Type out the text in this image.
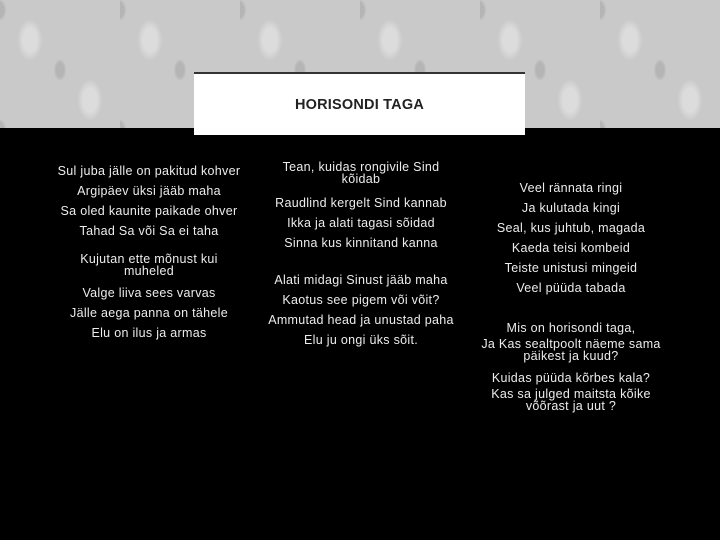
HORISONDI TAGA
Sul juba jälle on pakitud kohver
Argipäev üksi jääb maha
Sa oled kaunite paikade ohver
Tahad Sa või Sa ei taha
Kujutan ette mõnust kui muheled
Valge liiva sees varvas
Jälle aega panna on tähele
Elu on ilus ja armas
Tean, kuidas rongivile Sind kõidab
Raudlind kergelt Sind kannab
Ikka ja alati tagasi sõidad
Sinna kus kinnitand kanna
Alati midagi Sinust jääb maha
Kaotus see pigem või võit?
Ammutad head ja unustad paha
Elu ju ongi üks sõit.
Veel rännata ringi
Ja kulutada kingi
Seal, kus juhtub, magada
Kaeda teisi kombeid
Teiste unistusi mingeid
Veel püüda tabada
Mis on horisondi taga,
Ja Kas sealtpoolt näeme sama päikest ja kuud?
Kuidas püüda kõrbes kala?
Kas sa julged maitsta kõike võõrast ja uut ?
